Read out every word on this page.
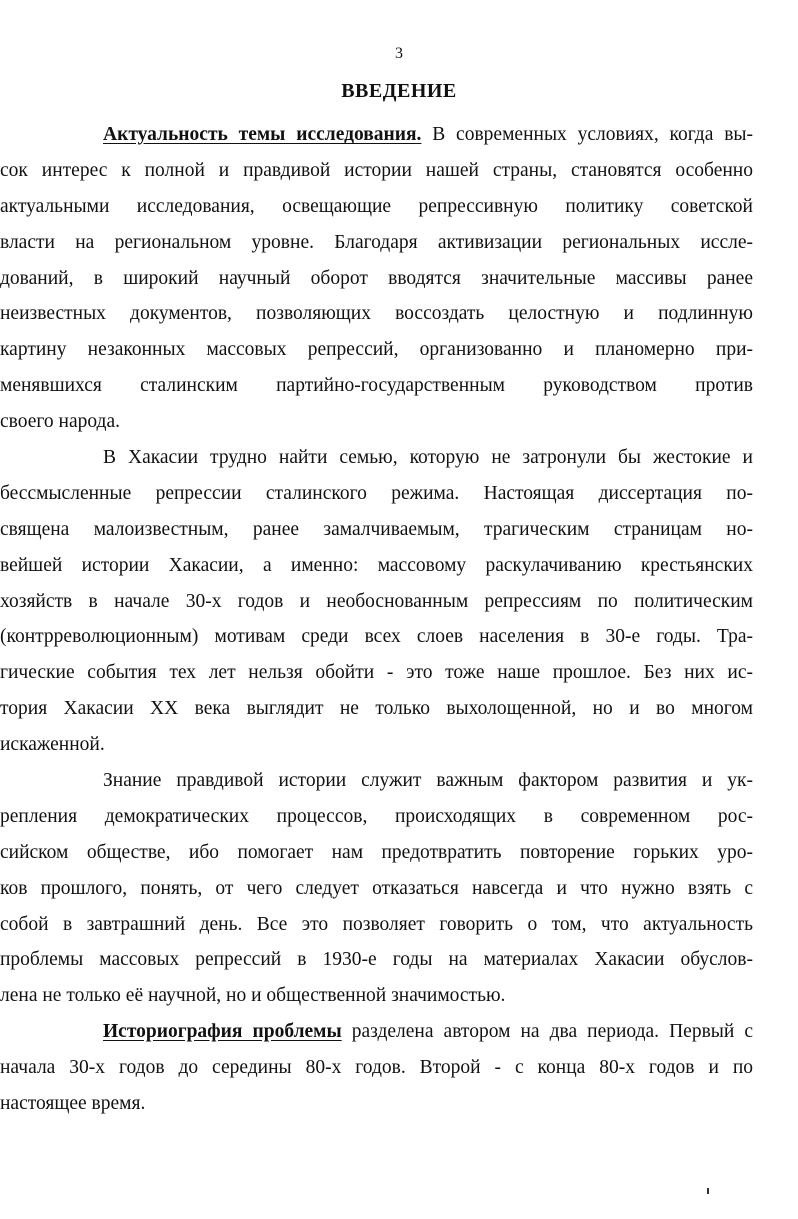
3
ВВЕДЕНИЕ
Актуальность темы исследования. В современных условиях, когда вы-
сок интерес к полной и правдивой истории нашей страны, становятся особенно
актуальными исследования, освещающие репрессивную политику советской
власти на региональном уровне. Благодаря активизации региональных иссле-
дований, в широкий научный оборот вводятся значительные массивы ранее
неизвестных документов, позволяющих воссоздать целостную и подлинную
картину незаконных массовых репрессий, организованно и планомерно при-
менявшихся сталинским партийно-государственным руководством против
своего народа.
В Хакасии трудно найти семью, которую не затронули бы жестокие и
бессмысленные репрессии сталинского режима. Настоящая диссертация по-
священа малоизвестным, ранее замалчиваемым, трагическим страницам но-
вейшей истории Хакасии, а именно: массовому раскулачиванию крестьянских
хозяйств в начале 30-х годов и необоснованным репрессиям по политическим
(контрреволюционным) мотивам среди всех слоев населения в 30-е годы. Тра-
гические события тех лет нельзя обойти - это тоже наше прошлое. Без них ис-
тория Хакасии XX века выглядит не только выхолощенной, но и во многом
искаженной.
Знание правдивой истории служит важным фактором развития и ук-
репления демократических процессов, происходящих в современном рос-
сийском обществе, ибо помогает нам предотвратить повторение горьких уро-
ков прошлого, понять, от чего следует отказаться навсегда и что нужно взять с
собой в завтрашний день. Все это позволяет говорить о том, что актуальность
проблемы массовых репрессий в 1930-е годы на материалах Хакасии обуслов-
лена не только её научной, но и общественной значимостью.
Историография проблемы разделена автором на два периода. Первый с
начала 30-х годов до середины 80-х годов. Второй - с конца 80-х годов и по
настоящее время.
